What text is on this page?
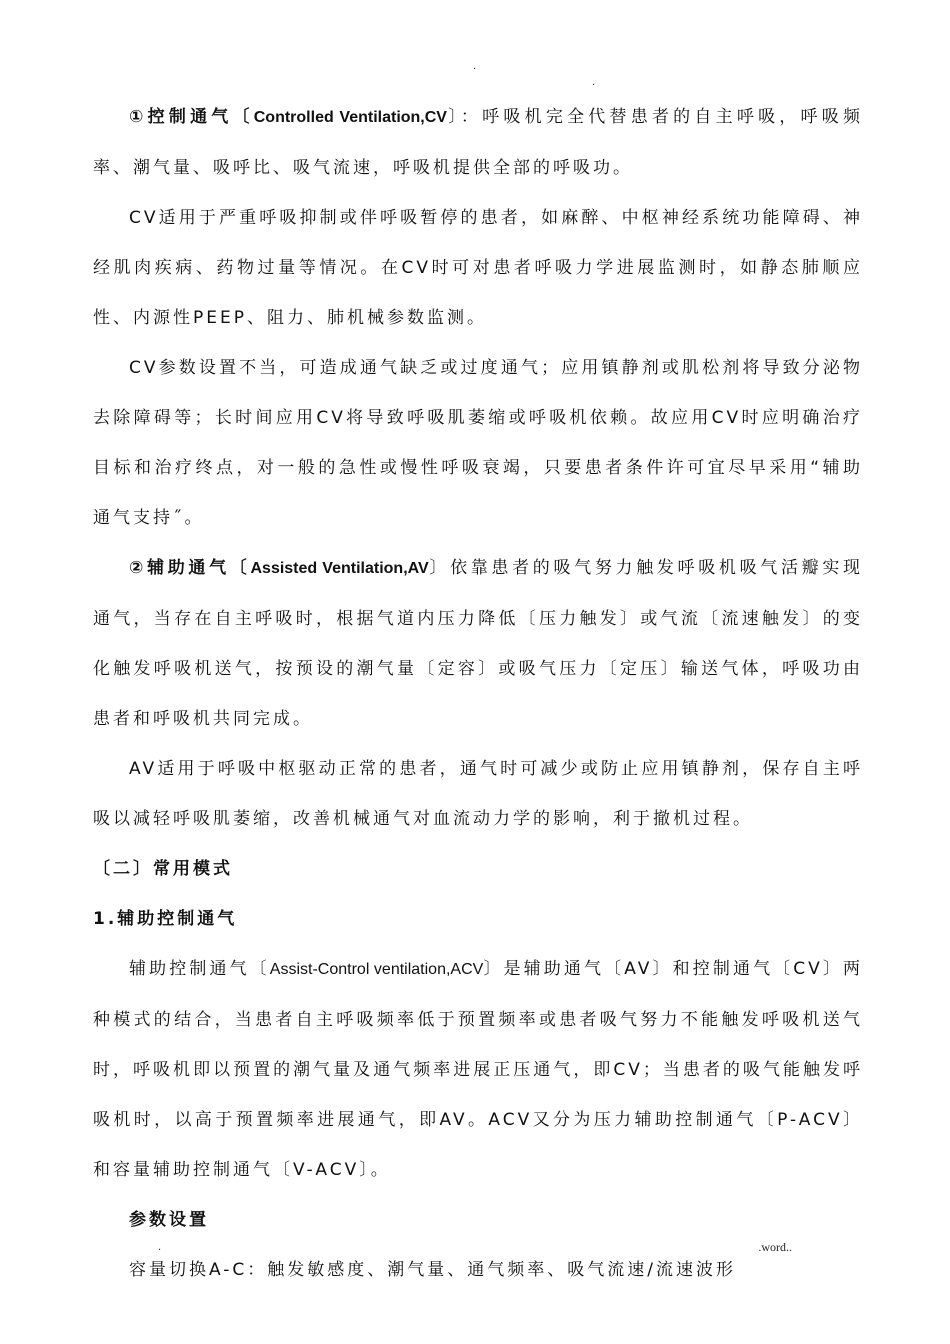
.
.

①控制通气〔Controlled Ventilation,CV〕：呼吸机完全代替患者的自主呼吸，呼吸频率、潮气量、吸呼比、吸气流速，呼吸机提供全部的呼吸功。

CV适用于严重呼吸抑制或伴呼吸暂停的患者，如麻醉、中枢神经系统功能障碍、神经肌肉疾病、药物过量等情况。在CV时可对患者呼吸力学进展监测时，如静态肺顺应性、内源性PEEP、阻力、肺机械参数监测。

CV参数设置不当，可造成通气缺乏或过度通气；应用镇静剂或肌松剂将导致分泌物去除障碍等；长时间应用CV将导致呼吸肌萎缩或呼吸机依赖。故应用CV时应明确治疗目标和治疗终点，对一般的急性或慢性呼吸衰竭，只要患者条件许可宜尽早采用“辅助通气支持˝。

②辅助通气〔Assisted Ventilation,AV〕依靠患者的吸气努力触发呼吸机吸气活瓣实现通气，当存在自主呼吸时，根据气道内压力降低〔压力触发〕或气流〔流速触发〕的变化触发呼吸机送气，按预设的潮气量〔定容〕或吸气压力〔定压〕输送气体，呼吸功由患者和呼吸机共同完成。

AV适用于呼吸中枢驱动正常的患者，通气时可减少或防止应用镇静剂，保存自主呼吸以减轻呼吸肌萎缩，改善机械通气对血流动力学的影响，利于撤机过程。

〔二〕常用模式

1.辅助控制通气

辅助控制通气〔Assist-Control ventilation,ACV〕是辅助通气〔AV〕和控制通气〔CV〕两种模式的结合，当患者自主呼吸频率低于预置频率或患者吸气努力不能触发呼吸机送气时，呼吸机即以预置的潮气量及通气频率进展正压通气，即CV；当患者的吸气能触发呼吸机时，以高于预置频率进展通气，即AV。ACV又分为压力辅助控制通气〔P-ACV〕和容量辅助控制通气〔V-ACV〕。

参数设置

容量切换A-C：触发敏感度、潮气量、通气频率、吸气流速/流速波形

.	.word..
